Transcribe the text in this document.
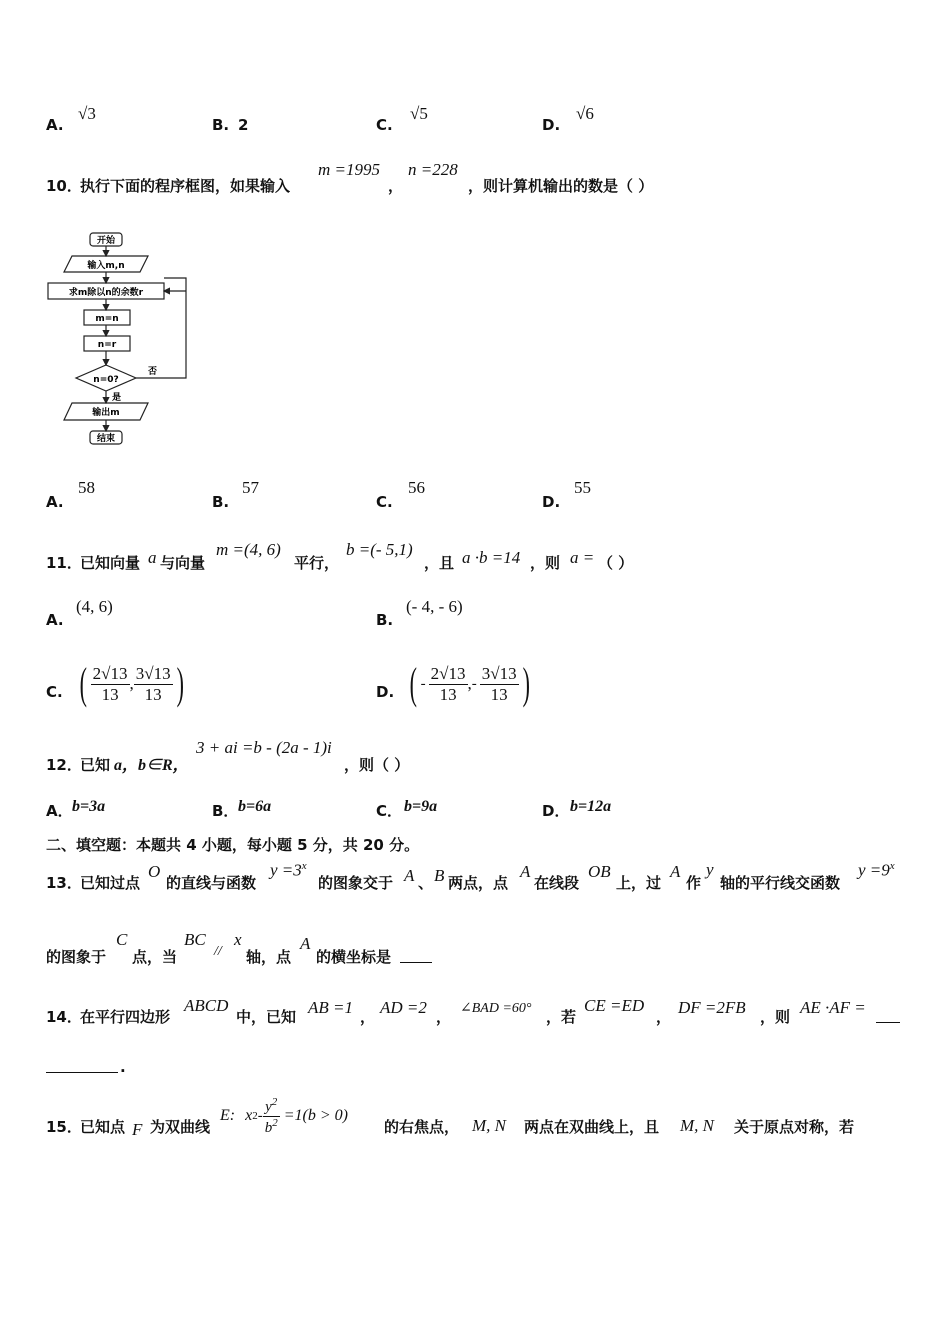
A.
√3
B. 2	C.
√5
D.
√6
10．
执行下面的程序框图，如果输入
m =1995
，
n =228
，则计算机输出的数是（ ）
开始
输入m,n
求m除以n的余数r
m=n
n=r
n=0?
否
是
输出m
结束
A.
58
B.
57
C.
56
D.
55
11．
已知向量 a 与向量
m =(4, 6)
平行，
b =(- 5,1)
，且 a ·b =14 ，则 a = （ ）
A.
(4, 6)
B.
(- 4, - 6)
C. ( $\frac{2√13}{13}$ , $\frac{3√13}{13}$ )	D. ( - $\frac{2√13}{13}$ , - $\frac{3√13}{13}$ )
12．
已知 a，b∈R，
3 + ai =b - (2a - 1)i
，则（ ）
A． b=3a	B． b=6a	C． b=9a	D． b=12a
二、填空题：本题共 4 小题，每小题 5 分，共 20 分。
13．
已知过点
O
的直线与函数
$y =3^x$
的图象交于 A 、 B 两点，点
A
在线段
OB
上，过
A
作
y
轴的平行线交函数
$y =9^x$
的图象于
C
点，当
BC
//
x
轴，点
A
的横坐标是
14．
在平行四边形
ABCD
中，已知 AB =1 ， AD =2 ， ∠BAD =60° ，若
CE =ED
， DF =2FB ，则 AE ·AF =
.
15．
已知点 F 为双曲线
E: x $2 - \frac{y^2}{b^2} =1(b > 0)$
的右焦点， M, N 两点在双曲线上，且 M, N 关于原点对称，若
